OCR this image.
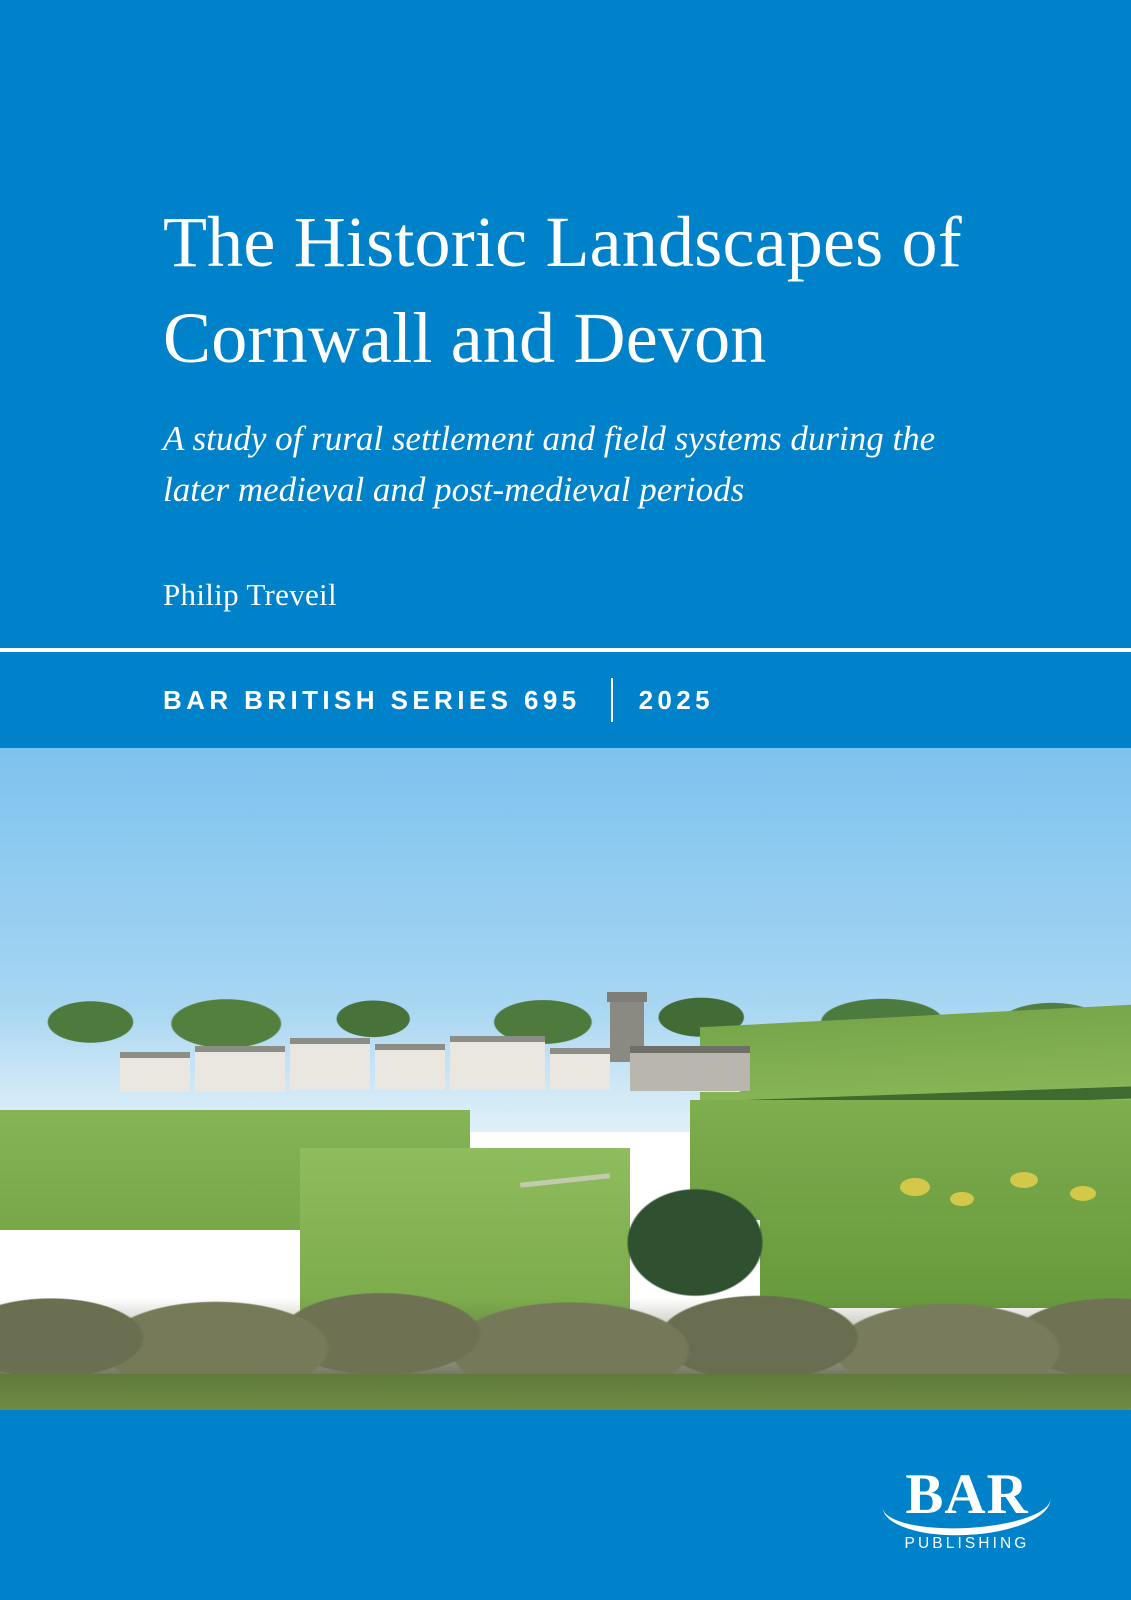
The Historic Landscapes of Cornwall and Devon

A study of rural settlement and field systems during the later medieval and post-medieval periods

Philip Treveil

BAR BRITISH SERIES 695 2025
BAR
PUBLISHING
